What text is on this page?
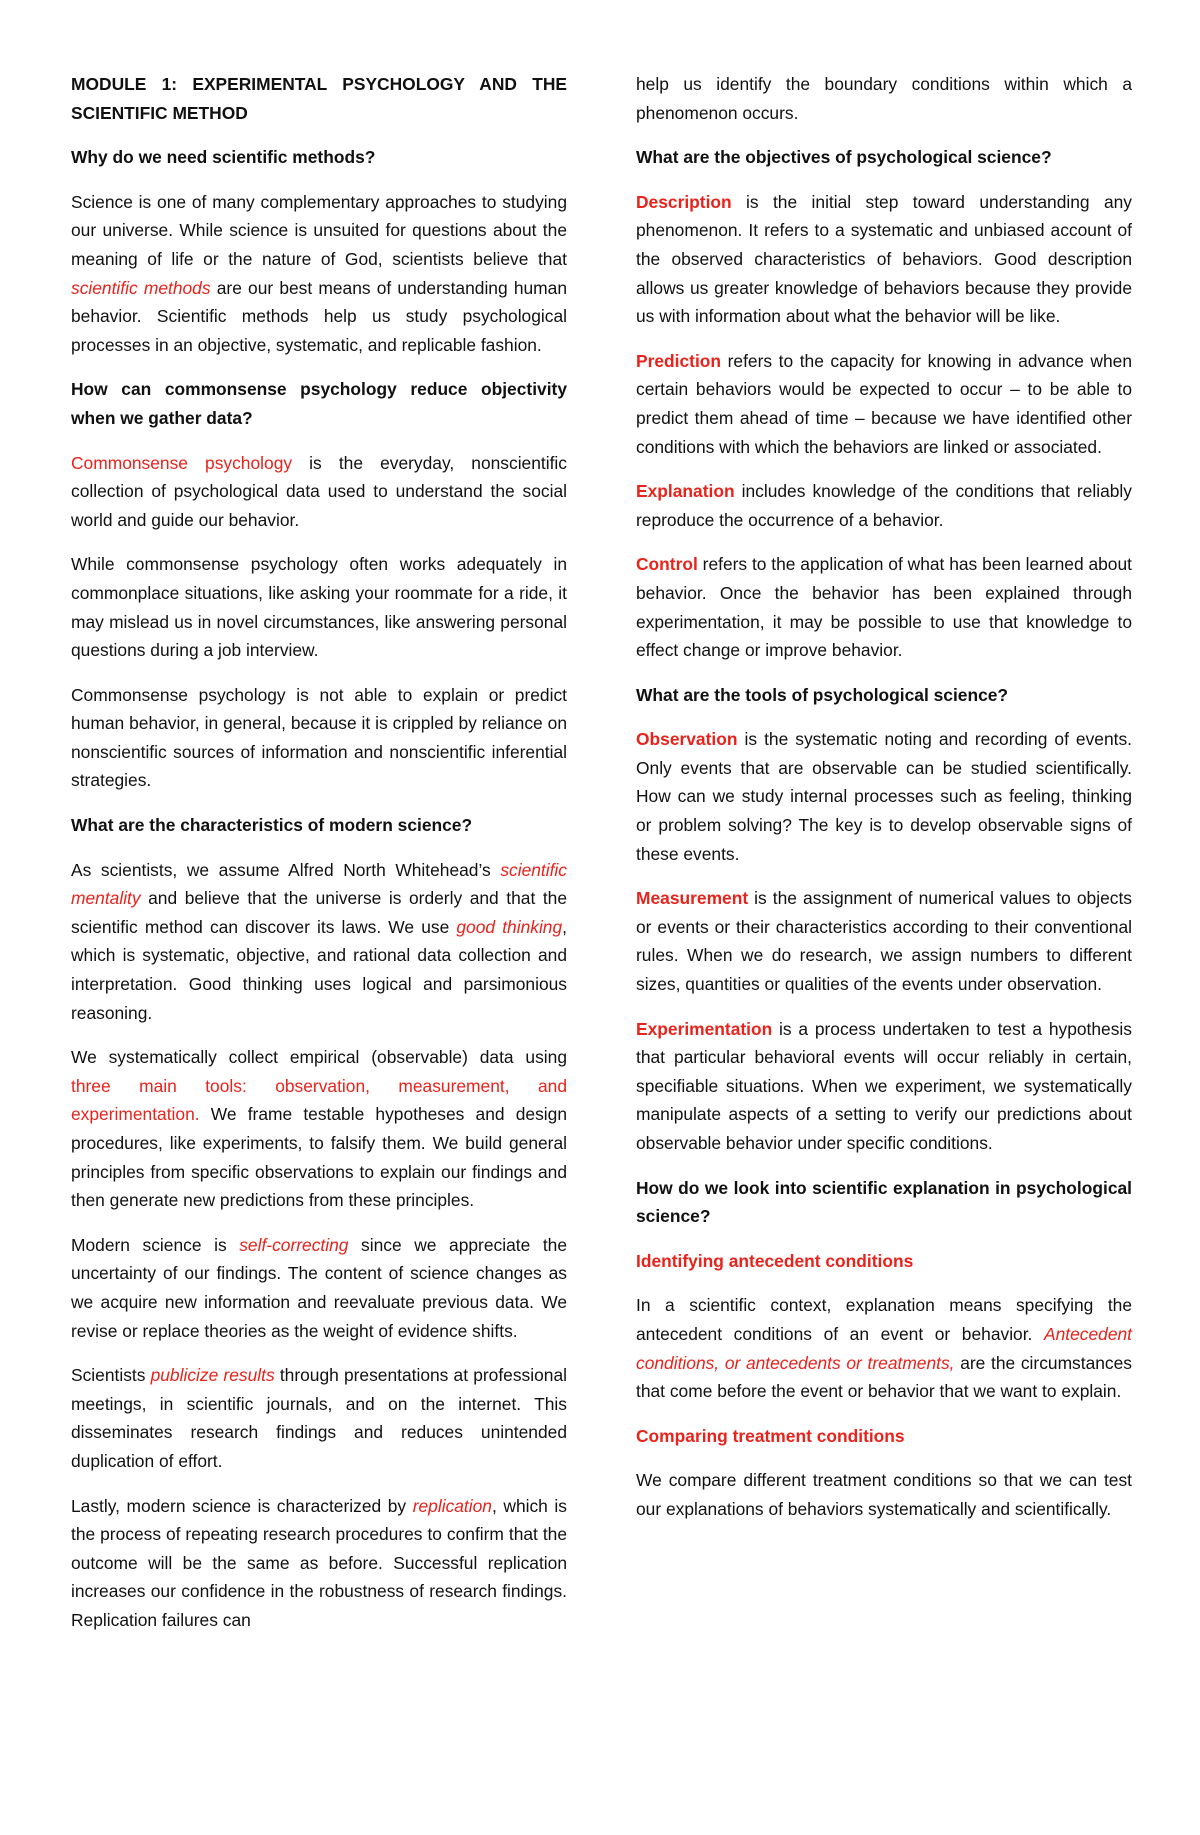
MODULE 1: EXPERIMENTAL PSYCHOLOGY AND THE SCIENTIFIC METHOD

Why do we need scientific methods?

Science is one of many complementary approaches to studying our universe. While science is unsuited for questions about the meaning of life or the nature of God, scientists believe that scientific methods are our best means of understanding human behavior. Scientific methods help us study psychological processes in an objective, systematic, and replicable fashion.

How can commonsense psychology reduce objectivity when we gather data?

Commonsense psychology is the everyday, nonscientific collection of psychological data used to understand the social world and guide our behavior.

While commonsense psychology often works adequately in commonplace situations, like asking your roommate for a ride, it may mislead us in novel circumstances, like answering personal questions during a job interview.

Commonsense psychology is not able to explain or predict human behavior, in general, because it is crippled by reliance on nonscientific sources of information and nonscientific inferential strategies.

What are the characteristics of modern science?

As scientists, we assume Alfred North Whitehead’s scientific mentality and believe that the universe is orderly and that the scientific method can discover its laws. We use good thinking, which is systematic, objective, and rational data collection and interpretation. Good thinking uses logical and parsimonious reasoning.

We systematically collect empirical (observable) data using three main tools: observation, measurement, and experimentation. We frame testable hypotheses and design procedures, like experiments, to falsify them. We build general principles from specific observations to explain our findings and then generate new predictions from these principles.

Modern science is self-correcting since we appreciate the uncertainty of our findings. The content of science changes as we acquire new information and reevaluate previous data. We revise or replace theories as the weight of evidence shifts.

Scientists publicize results through presentations at professional meetings, in scientific journals, and on the internet. This disseminates research findings and reduces unintended duplication of effort.

Lastly, modern science is characterized by replication, which is the process of repeating research procedures to confirm that the outcome will be the same as before. Successful replication increases our confidence in the robustness of research findings. Replication failures can

help us identify the boundary conditions within which a phenomenon occurs.

What are the objectives of psychological science?

Description is the initial step toward understanding any phenomenon. It refers to a systematic and unbiased account of the observed characteristics of behaviors. Good description allows us greater knowledge of behaviors because they provide us with information about what the behavior will be like.

Prediction refers to the capacity for knowing in advance when certain behaviors would be expected to occur – to be able to predict them ahead of time – because we have identified other conditions with which the behaviors are linked or associated.

Explanation includes knowledge of the conditions that reliably reproduce the occurrence of a behavior.

Control refers to the application of what has been learned about behavior. Once the behavior has been explained through experimentation, it may be possible to use that knowledge to effect change or improve behavior.

What are the tools of psychological science?

Observation is the systematic noting and recording of events. Only events that are observable can be studied scientifically. How can we study internal processes such as feeling, thinking or problem solving? The key is to develop observable signs of these events.

Measurement is the assignment of numerical values to objects or events or their characteristics according to their conventional rules. When we do research, we assign numbers to different sizes, quantities or qualities of the events under observation.

Experimentation is a process undertaken to test a hypothesis that particular behavioral events will occur reliably in certain, specifiable situations. When we experiment, we systematically manipulate aspects of a setting to verify our predictions about observable behavior under specific conditions.

How do we look into scientific explanation in psychological science?

Identifying antecedent conditions

In a scientific context, explanation means specifying the antecedent conditions of an event or behavior. Antecedent conditions, or antecedents or treatments, are the circumstances that come before the event or behavior that we want to explain.

Comparing treatment conditions

We compare different treatment conditions so that we can test our explanations of behaviors systematically and scientifically.
